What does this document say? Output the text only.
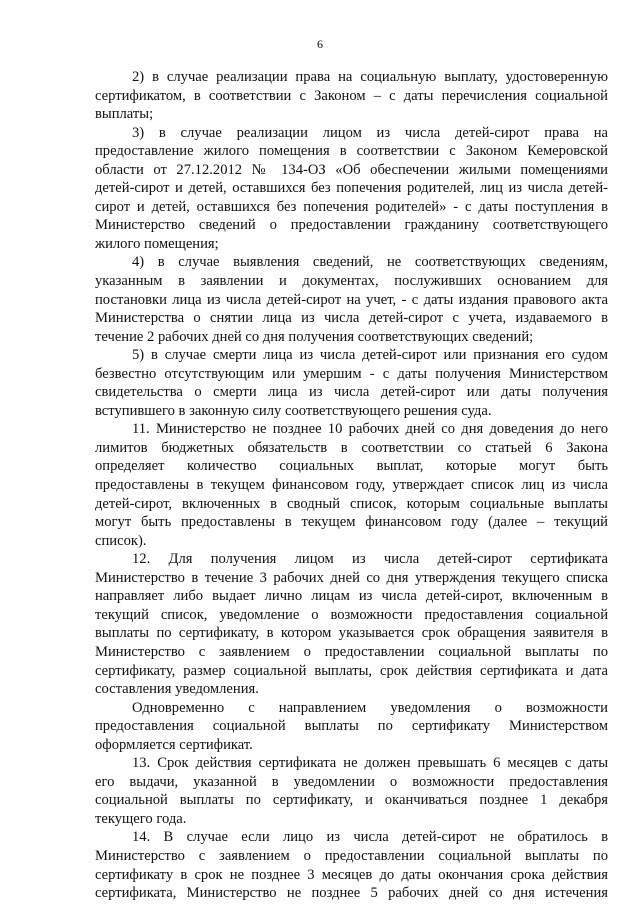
6
2) в случае реализации права на социальную выплату, удостоверенную
сертификатом, в соответствии с Законом – с даты перечисления социальной
выплаты;
3) в случае реализации лицом из числа детей-сирот права на
предоставление жилого помещения в соответствии с Законом Кемеровской
области от 27.12.2012 № 134-ОЗ «Об обеспечении жилыми помещениями
детей-сирот и детей, оставшихся без попечения родителей, лиц из числа детей-
сирот и детей, оставшихся без попечения родителей» - с даты поступления в
Министерство сведений о предоставлении гражданину соответствующего
жилого помещения;
4) в случае выявления сведений, не соответствующих сведениям,
указанным в заявлении и документах, послуживших основанием для
постановки лица из числа детей-сирот на учет, - с даты издания правового акта
Министерства о снятии лица из числа детей-сирот с учета, издаваемого в
течение 2 рабочих дней со дня получения соответствующих сведений;
5) в случае смерти лица из числа детей-сирот или признания его судом
безвестно отсутствующим или умершим - с даты получения Министерством
свидетельства о смерти лица из числа детей-сирот или даты получения
вступившего в законную силу соответствующего решения суда.
11. Министерство не позднее 10 рабочих дней со дня доведения до него
лимитов бюджетных обязательств в соответствии со статьей 6 Закона
определяет количество социальных выплат, которые могут быть
предоставлены в текущем финансовом году, утверждает список лиц из числа
детей-сирот, включенных в сводный список, которым социальные выплаты
могут быть предоставлены в текущем финансовом году (далее – текущий
список).
12. Для получения лицом из числа детей-сирот сертификата
Министерство в течение 3 рабочих дней со дня утверждения текущего списка
направляет либо выдает лично лицам из числа детей-сирот, включенным в
текущий список, уведомление о возможности предоставления социальной
выплаты по сертификату, в котором указывается срок обращения заявителя в
Министерство с заявлением о предоставлении социальной выплаты по
сертификату, размер социальной выплаты, срок действия сертификата и дата
составления уведомления.
Одновременно с направлением уведомления о возможности
предоставления социальной выплаты по сертификату Министерством
оформляется сертификат.
13. Срок действия сертификата не должен превышать 6 месяцев с даты
его выдачи, указанной в уведомлении о возможности предоставления
социальной выплаты по сертификату, и оканчиваться позднее 1 декабря
текущего года.
14. В случае если лицо из числа детей-сирот не обратилось в
Министерство с заявлением о предоставлении социальной выплаты по
сертификату в срок не позднее 3 месяцев до даты окончания срока действия
сертификата, Министерство не позднее 5 рабочих дней со дня истечения
